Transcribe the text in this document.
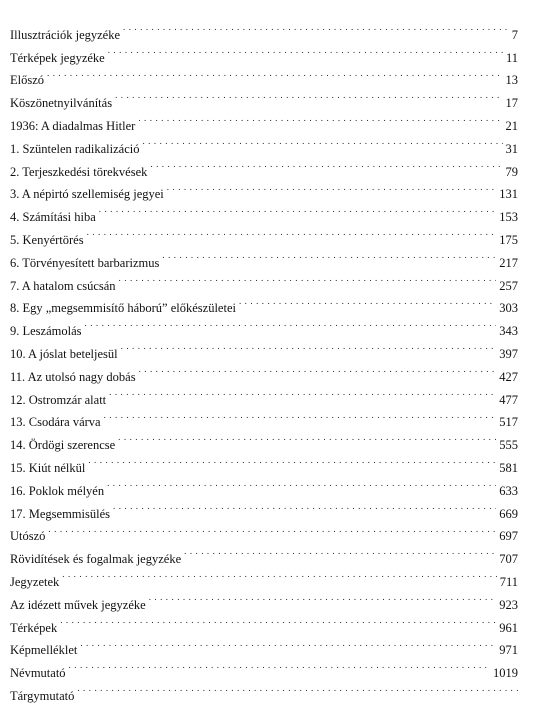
Illusztrációk jegyzéke . . .	7
Térképek jegyzéke . . .	11
Előszó . . .	13
Köszönetnyilvánítás . . .	17
1936: A diadalmas Hitler . . .	21
1. Szüntelen radikalizáció . . .	31
2. Terjeszkedési törekvések . . .	79
3. A népirtó szellemiség jegyei . . .	131
4. Számítási hiba . . .	153
5. Kenyértörés . . .	175
6. Törvényesített barbarizmus . . .	217
7. A hatalom csúcsán . . .	257
8. Egy „megsemmisítő háború” előkészületei . . .	303
9. Leszámolás . . .	343
10. A jóslat beteljesül . . .	397
11. Az utolsó nagy dobás . . .	427
12. Ostromzár alatt . . .	477
13. Csodára várva . . .	517
14. Ördögi szerencse . . .	555
15. Kiút nélkül . . .	581
16. Poklok mélyén . . .	633
17. Megsemmisülés . . .	669
Utószó . . .	697
Rövidítések és fogalmak jegyzéke . . .	707
Jegyzetek . . .	711
Az idézett művek jegyzéke . . .	923
Térképek . . .	961
Képmelléklet . . .	971
Névmutató . . .	1019
Tárgymutató
. . .
